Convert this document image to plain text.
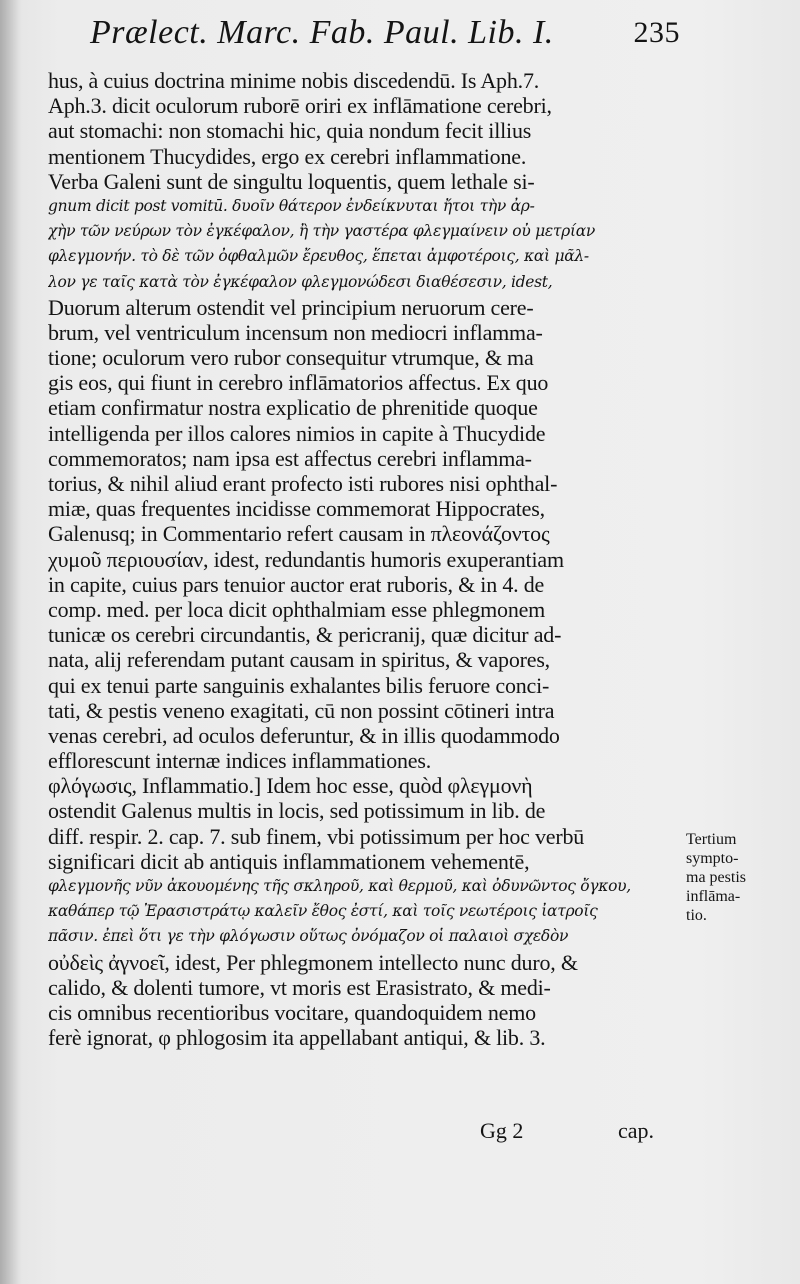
Prælect. Marc. Fab. Paul. Lib. I.	235
hus, à cuius doctrina minime nobis discedendū. Is Aph.7.
Aph.3. dicit oculorum ruborē oriri ex inflāmatione cerebri,
aut stomachi: non stomachi hic, quia nondum fecit illius
mentionem Thucydides, ergo ex cerebri inflammatione.
Verba Galeni sunt de singultu loquentis, quem lethale si-
gnum dicit post vomitū. δυοῖν θάτερον ἐνδείκνυται ἤτοι τὴν ἀρ-
χὴν τῶν νεύρων τὸν ἐγκέφαλον, ἢ τὴν γαστέρα φλεγμαίνειν οὐ μετρίαν
φλεγμονήν. τὸ δὲ τῶν ὀφθαλμῶν ἔρευθος, ἕπεται ἀμφοτέροις, καὶ μᾶλ-
λον γε ταῖς κατὰ τὸν ἐγκέφαλον φλεγμονώδεσι διαθέσεσιν, idest,
Duorum alterum ostendit vel principium neruorum cere-
brum, vel ventriculum incensum non mediocri inflamma-
tione; oculorum vero rubor consequitur vtrumque, & ma
gis eos, qui fiunt in cerebro inflāmatorios affectus. Ex quo
etiam confirmatur nostra explicatio de phrenitide quoque
intelligenda per illos calores nimios in capite à Thucydide
commemoratos; nam ipsa est affectus cerebri inflamma-
torius, & nihil aliud erant profecto isti rubores nisi ophthal-
miæ, quas frequentes incidisse commemorat Hippocrates,
Galenusq; in Commentario refert causam in πλεονάζοντος
χυμοῦ περιουσίαν, idest, redundantis humoris exuperantiam
in capite, cuius pars tenuior auctor erat ruboris, & in 4. de
comp. med. per loca dicit ophthalmiam esse phlegmonem
tunicæ os cerebri circundantis, & pericranij, quæ dicitur ad-
nata, alij referendam putant causam in spiritus, & vapores,
qui ex tenui parte sanguinis exhalantes bilis feruore conci-
tati, & pestis veneno exagitati, cū non possint cōtineri intra
venas cerebri, ad oculos deferuntur, & in illis quodammodo
efflorescunt internæ indices inflammationes.
φλόγωσις, Inflammatio.] Idem hoc esse, quòd φλεγμονὴ
ostendit Galenus multis in locis, sed potissimum in lib. de
diff. respir. 2. cap. 7. sub finem, vbi potissimum per hoc verbū
significari dicit ab antiquis inflammationem vehementē,
φλεγμονῆς νῦν ἀκουομένης τῆς σκληροῦ, καὶ θερμοῦ, καὶ ὀδυνῶντος ὄγκου,
καθάπερ τῷ Ἐρασιστράτῳ καλεῖν ἔθος ἐστί, καὶ τοῖς νεωτέροις ἰατροῖς
πᾶσιν. ἐπεὶ ὅτι γε τὴν φλόγωσιν οὕτως ὀνόμαζον οἱ παλαιοὶ σχεδὸν
οὐδεὶς ἀγνοεῖ, idest, Per phlegmonem intellecto nunc duro, &
calido, & dolenti tumore, vt moris est Erasistrato, & medi-
cis omnibus recentioribus vocitare, quandoquidem nemo
ferè ignorat, φ phlogosim ita appellabant antiqui, & lib. 3.
Tertium
sympto-
ma pestis
inflāma-
tio.
Gg 2	cap.
